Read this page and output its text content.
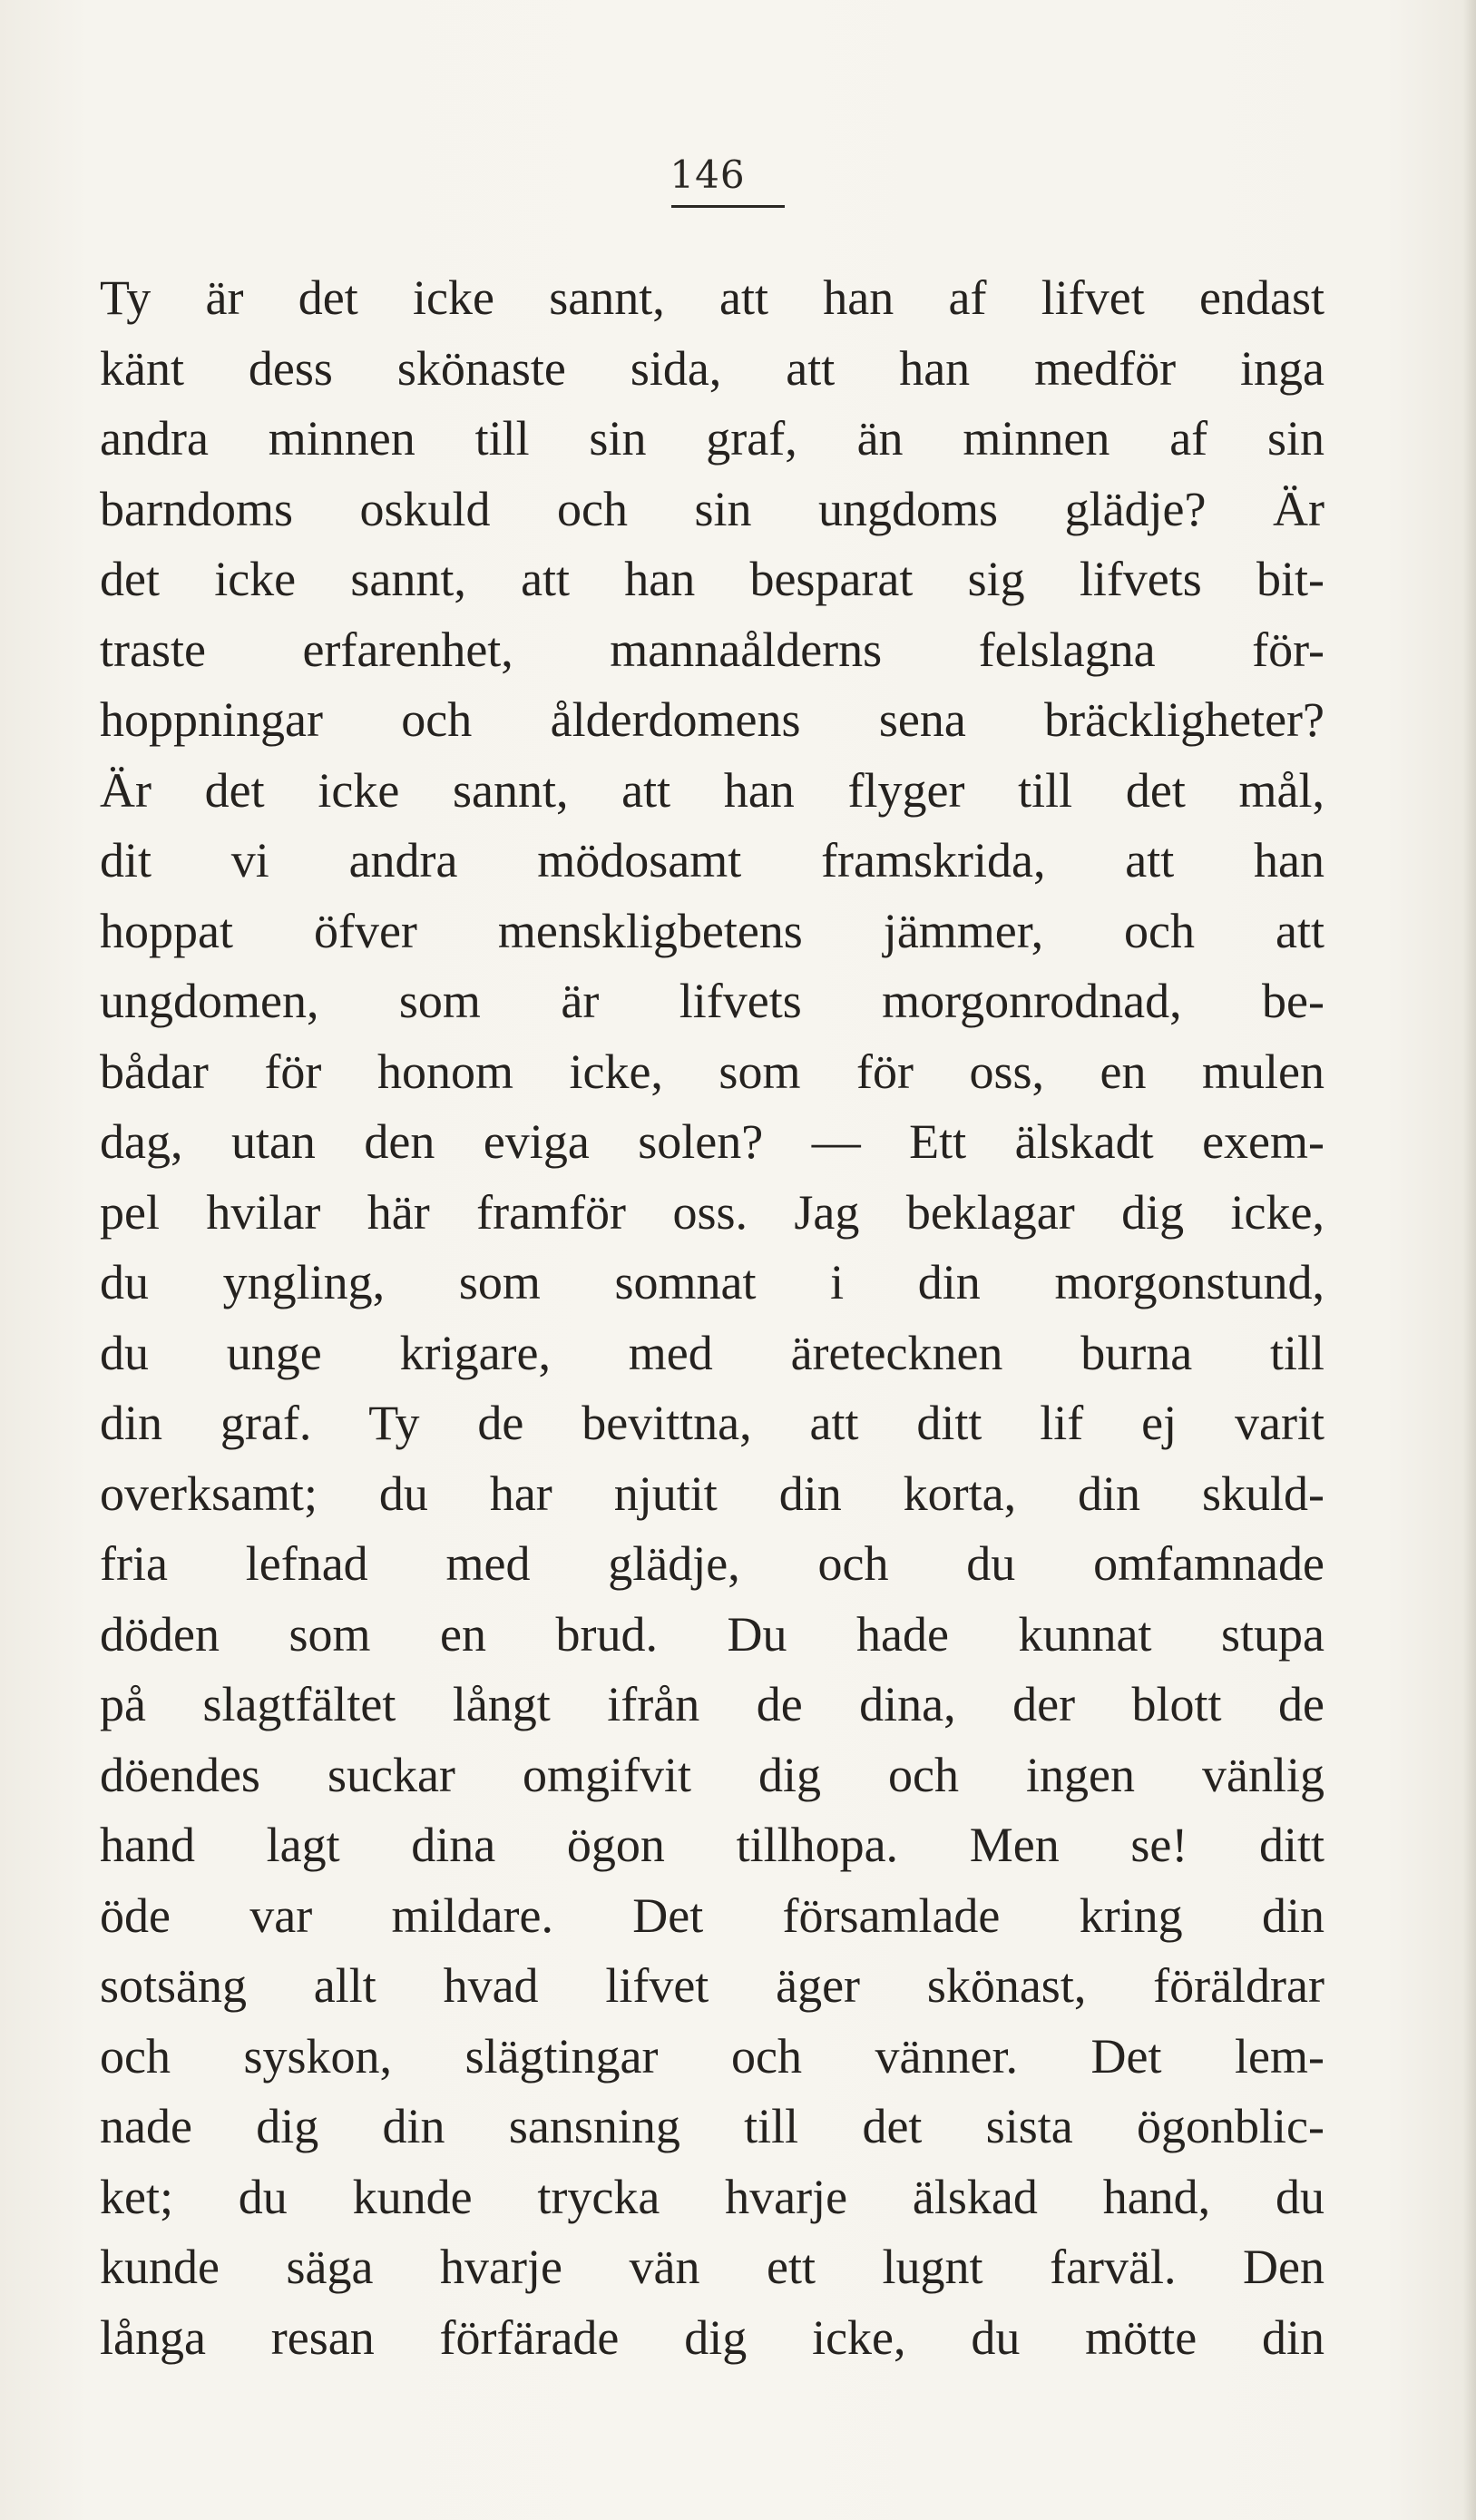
146
Ty är det icke sannt, att han af lifvet endast
känt dess skönaste sida, att han medför inga
andra minnen till sin graf, än minnen af sin
barndoms oskuld och sin ungdoms glädje? Är
det icke sannt, att han besparat sig lifvets bit-
traste erfarenhet, mannaålderns felslagna för-
hoppningar och ålderdomens sena bräckligheter?
Är det icke sannt, att han flyger till det mål,
dit vi andra mödosamt framskrida, att han
hoppat öfver menskligbetens jämmer, och att
ungdomen, som är lifvets morgonrodnad, be-
bådar för honom icke, som för oss, en mulen
dag, utan den eviga solen? — Ett älskadt exem-
pel hvilar här framför oss. Jag beklagar dig icke,
du yngling, som somnat i din morgonstund,
du unge krigare, med äretecknen burna till
din graf. Ty de bevittna, att ditt lif ej varit
overksamt; du har njutit din korta, din skuld-
fria lefnad med glädje, och du omfamnade
döden som en brud. Du hade kunnat stupa
på slagtfältet långt ifrån de dina, der blott de
döendes suckar omgifvit dig och ingen vänlig
hand lagt dina ögon tillhopa. Men se! ditt
öde var mildare. Det församlade kring din
sotsäng allt hvad lifvet äger skönast, föräldrar
och syskon, slägtingar och vänner. Det lem-
nade dig din sansning till det sista ögonblic-
ket; du kunde trycka hvarje älskad hand, du
kunde säga hvarje vän ett lugnt farväl. Den
långa resan förfärade dig icke, du mötte din
